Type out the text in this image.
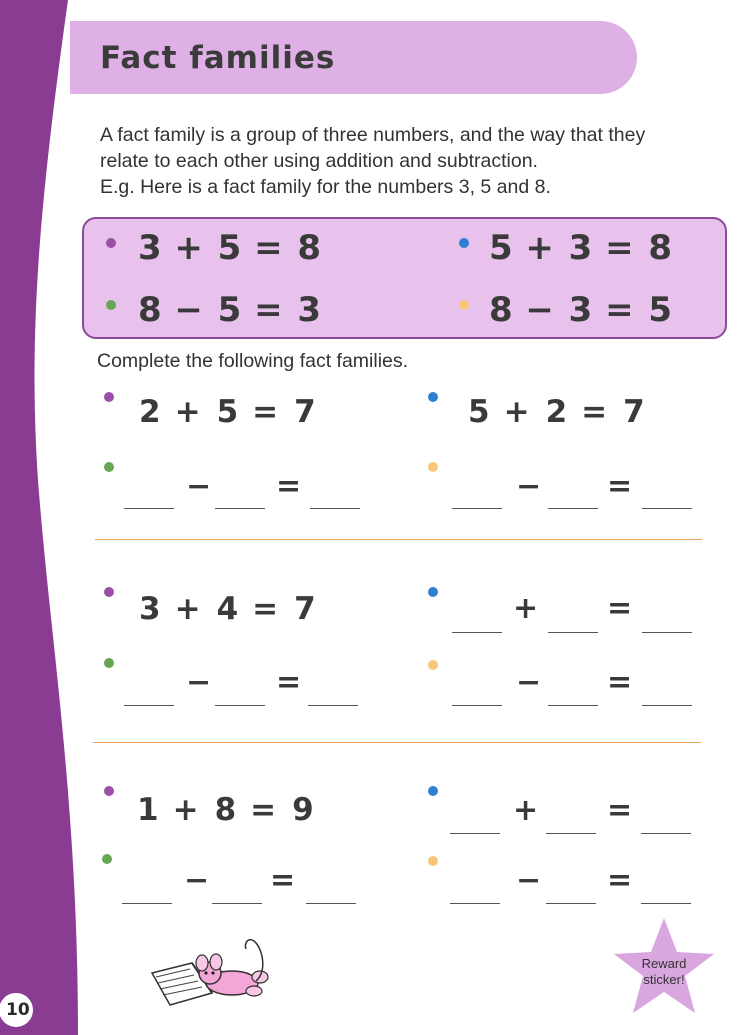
Fact families

A fact family is a group of three numbers, and the way that they

relate to each other using addition and subtraction.

E.g. Here is a fact family for the numbers 3, 5 and 8.

3 + 5 = 8	5 + 3 = 8
8 − 5 = 3	8 − 3 = 5
Complete the following fact families.
2 + 5 = 7	5 + 2 = 7
− =	− =
3 + 4 = 7	+ =
− =	− =
1 + 8 = 9	+ =
− =	− =
Reward
sticker!
10
